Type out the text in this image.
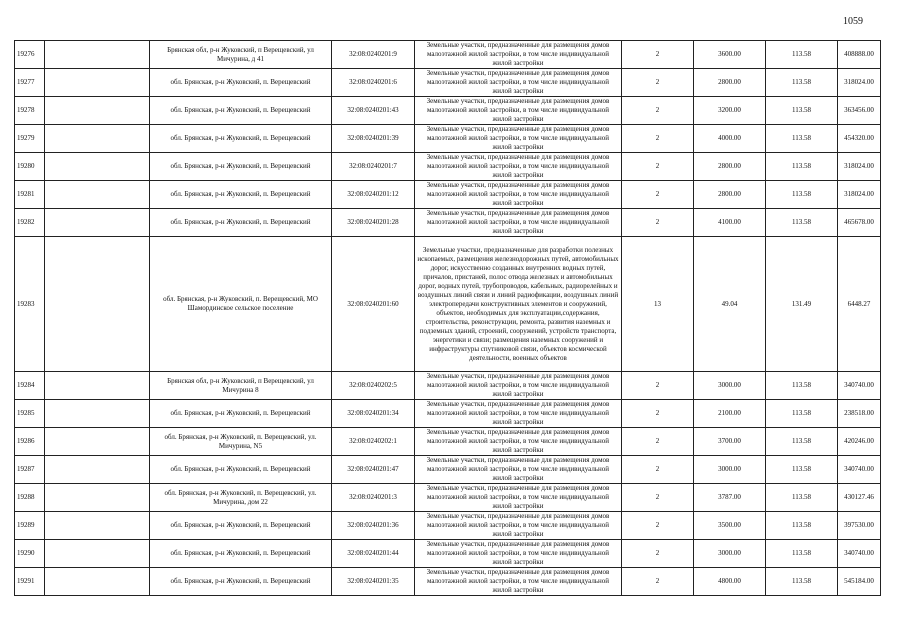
1059
19276		Брянская обл, р-н Жуковский, п Верещевский, ул Мичурина, д 41	32:08:0240201:9	Земельные участки, предназначенные для размещения домов малоэтажной жилой застройки, в том числе индивидуальной жилой застройки	2	3600.00	113.58	408888.00
19277		обл. Брянская, р-н Жуковский, п. Верещевский	32:08:0240201:6	Земельные участки, предназначенные для размещения домов малоэтажной жилой застройки, в том числе индивидуальной жилой застройки	2	2800.00	113.58	318024.00
19278		обл. Брянская, р-н Жуковский, п. Верещевский	32:08:0240201:43	Земельные участки, предназначенные для размещения домов малоэтажной жилой застройки, в том числе индивидуальной жилой застройки	2	3200.00	113.58	363456.00
19279		обл. Брянская, р-н Жуковский, п. Верещевский	32:08:0240201:39	Земельные участки, предназначенные для размещения домов малоэтажной жилой застройки, в том числе индивидуальной жилой застройки	2	4000.00	113.58	454320.00
19280		обл. Брянская, р-н Жуковский, п. Верещевский	32:08:0240201:7	Земельные участки, предназначенные для размещения домов малоэтажной жилой застройки, в том числе индивидуальной жилой застройки	2	2800.00	113.58	318024.00
19281		обл. Брянская, р-н Жуковский, п. Верещевский	32:08:0240201:12	Земельные участки, предназначенные для размещения домов малоэтажной жилой застройки, в том числе индивидуальной жилой застройки	2	2800.00	113.58	318024.00
19282		обл. Брянская, р-н Жуковский, п. Верещевский	32:08:0240201:28	Земельные участки, предназначенные для размещения домов малоэтажной жилой застройки, в том числе индивидуальной жилой застройки	2	4100.00	113.58	465678.00
19283		обл. Брянская, р-н Жуковский, п. Верещевский, МО Шамординское сельское поселение	32:08:0240201:60	Земельные участки, предназначенные для разработки полезных ископаемых, размещения железнодорожных путей, автомобильных дорог, искусственно созданных внутренних водных путей, причалов, пристаней, полос отвода железных и автомобильных дорог, водных путей, трубопроводов, кабельных, радиорелейных и воздушных линий связи и линий радиофикации, воздушных линий электропередачи конструктивных элементов и сооружений, объектов, необходимых для эксплуатации,содержания, строительства, реконструкции, ремонта, развития наземных и подземных зданий, строений, сооружений, устройств транспорта, энергетики и связи; размещения наземных сооружений и инфраструктуры спутниковой связи, объектов космической деятельности, военных объектов	13	49.04	131.49	6448.27
19284		Брянская обл, р-н Жуковский, п Верещевский, ул Мичурина 8	32:08:0240202:5	Земельные участки, предназначенные для размещения домов малоэтажной жилой застройки, в том числе индивидуальной жилой застройки	2	3000.00	113.58	340740.00
19285		обл. Брянская, р-н Жуковский, п. Верещевский	32:08:0240201:34	Земельные участки, предназначенные для размещения домов малоэтажной жилой застройки, в том числе индивидуальной жилой застройки	2	2100.00	113.58	238518.00
19286		обл. Брянская, р-н Жуковский, п. Верещевский, ул. Мичурина, N5	32:08:0240202:1	Земельные участки, предназначенные для размещения домов малоэтажной жилой застройки, в том числе индивидуальной жилой застройки	2	3700.00	113.58	420246.00
19287		обл. Брянская, р-н Жуковский, п. Верещевский	32:08:0240201:47	Земельные участки, предназначенные для размещения домов малоэтажной жилой застройки, в том числе индивидуальной жилой застройки	2	3000.00	113.58	340740.00
19288		обл. Брянская, р-н Жуковский, п. Верещевский, ул. Мичурина, дом 22	32:08:0240201:3	Земельные участки, предназначенные для размещения домов малоэтажной жилой застройки, в том числе индивидуальной жилой застройки	2	3787.00	113.58	430127.46
19289		обл. Брянская, р-н Жуковский, п. Верещевский	32:08:0240201:36	Земельные участки, предназначенные для размещения домов малоэтажной жилой застройки, в том числе индивидуальной жилой застройки	2	3500.00	113.58	397530.00
19290		обл. Брянская, р-н Жуковский, п. Верещевский	32:08:0240201:44	Земельные участки, предназначенные для размещения домов малоэтажной жилой застройки, в том числе индивидуальной жилой застройки	2	3000.00	113.58	340740.00
19291		обл. Брянская, р-н Жуковский, п. Верещевский	32:08:0240201:35	Земельные участки, предназначенные для размещения домов малоэтажной жилой застройки, в том числе индивидуальной жилой застройки	2	4800.00	113.58	545184.00
